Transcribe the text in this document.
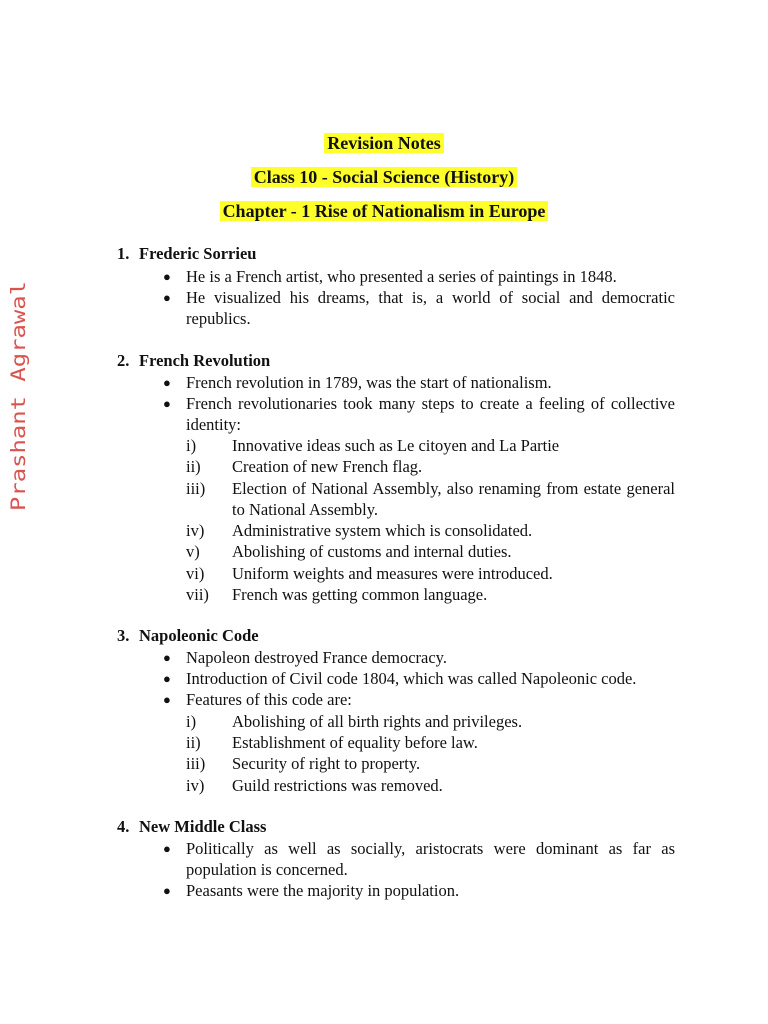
Prashant Agrawal
Revision Notes
Class 10 - Social Science (History)
Chapter - 1 Rise of Nationalism in Europe
1. Frederic Sorrieu
● He is a French artist, who presented a series of paintings in 1848.
● He visualized his dreams, that is, a world of social and democratic republics.
2. French Revolution
● French revolution in 1789, was the start of nationalism.
● French revolutionaries took many steps to create a feeling of collective identity:
i)	Innovative ideas such as Le citoyen and La Partie
ii)	Creation of new French flag.
iii)	Election of National Assembly, also renaming from estate general to National Assembly.
iv)	Administrative system which is consolidated.
v)	Abolishing of customs and internal duties.
vi)	Uniform weights and measures were introduced.
vii)	French was getting common language.
3. Napoleonic Code
● Napoleon destroyed France democracy.
● Introduction of Civil code 1804, which was called Napoleonic code.
● Features of this code are:
i)	Abolishing of all birth rights and privileges.
ii)	Establishment of equality before law.
iii)	Security of right to property.
iv)	Guild restrictions was removed.
4. New Middle Class
● Politically as well as socially, aristocrats were dominant as far as population is concerned.
● Peasants were the majority in population.
